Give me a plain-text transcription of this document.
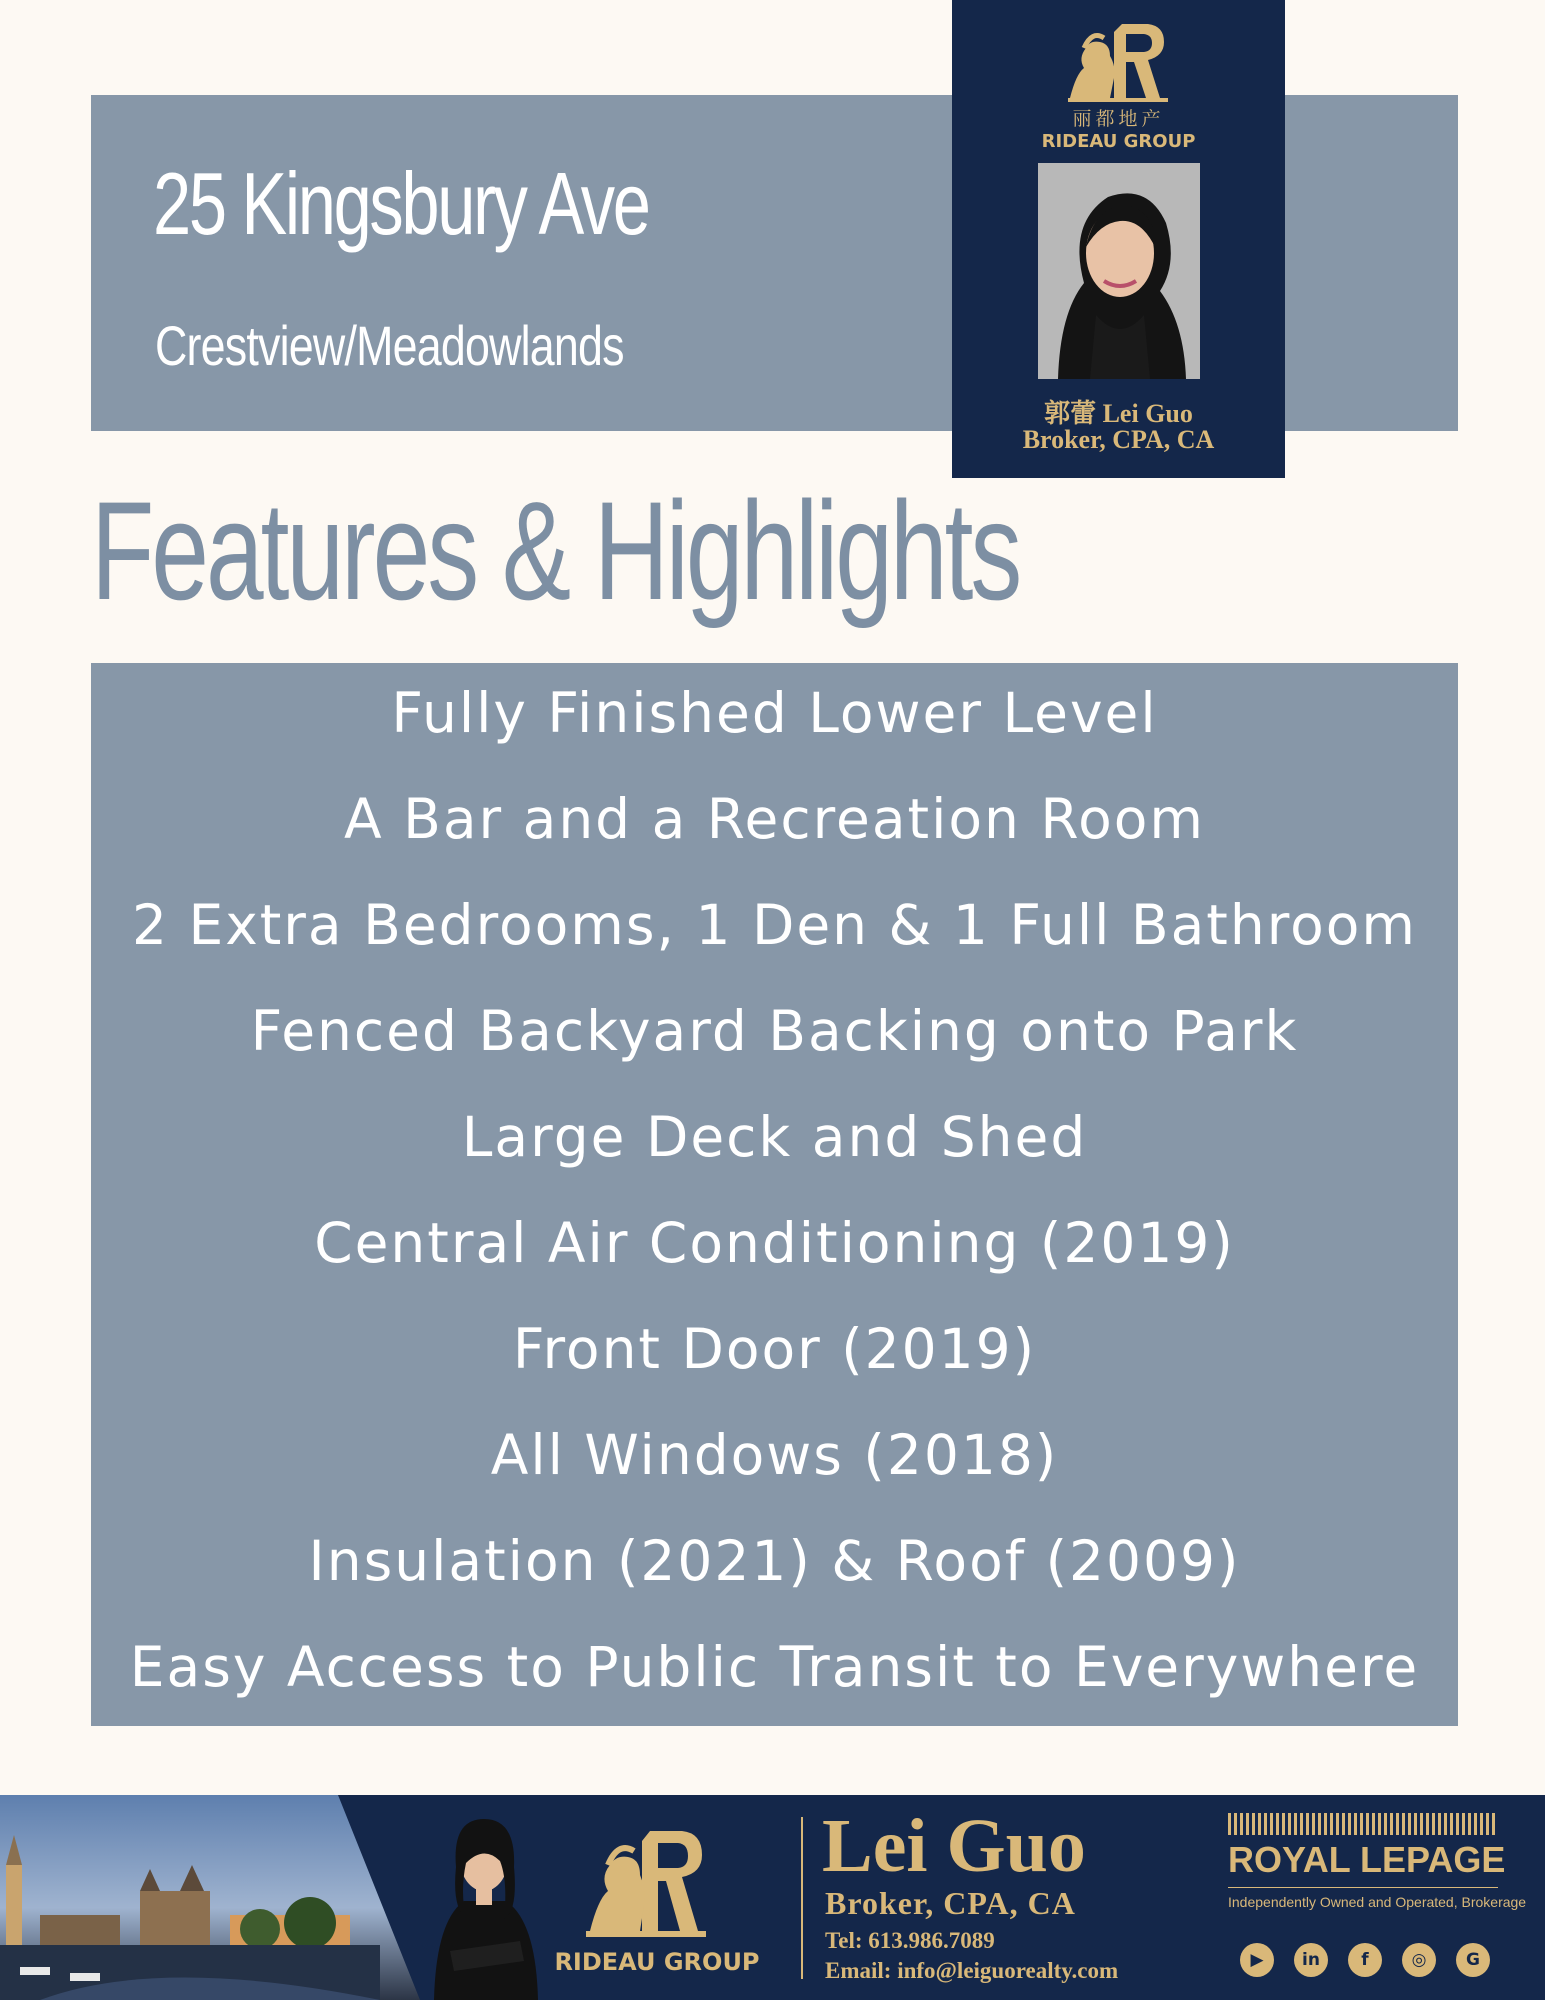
25 Kingsbury Ave
Crestview/Meadowlands
丽都地产
RIDEAU GROUP
郭蕾 Lei Guo
Broker, CPA, CA
Features & Highlights
Fully Finished Lower Level
A Bar and a Recreation Room
2 Extra Bedrooms, 1 Den & 1 Full Bathroom
Fenced Backyard Backing onto Park
Large Deck and Shed
Central Air Conditioning (2019)
Front Door (2019)
All Windows (2018)
Insulation (2021) & Roof (2009)
Easy Access to Public Transit to Everywhere
RIDEAU GROUP
Lei Guo
Broker, CPA, CA
Tel: 613.986.7089
Email: info@leiguorealty.com
ROYAL LEPAGE
Independently Owned and Operated, Brokerage
▶	in	f	◎	G
